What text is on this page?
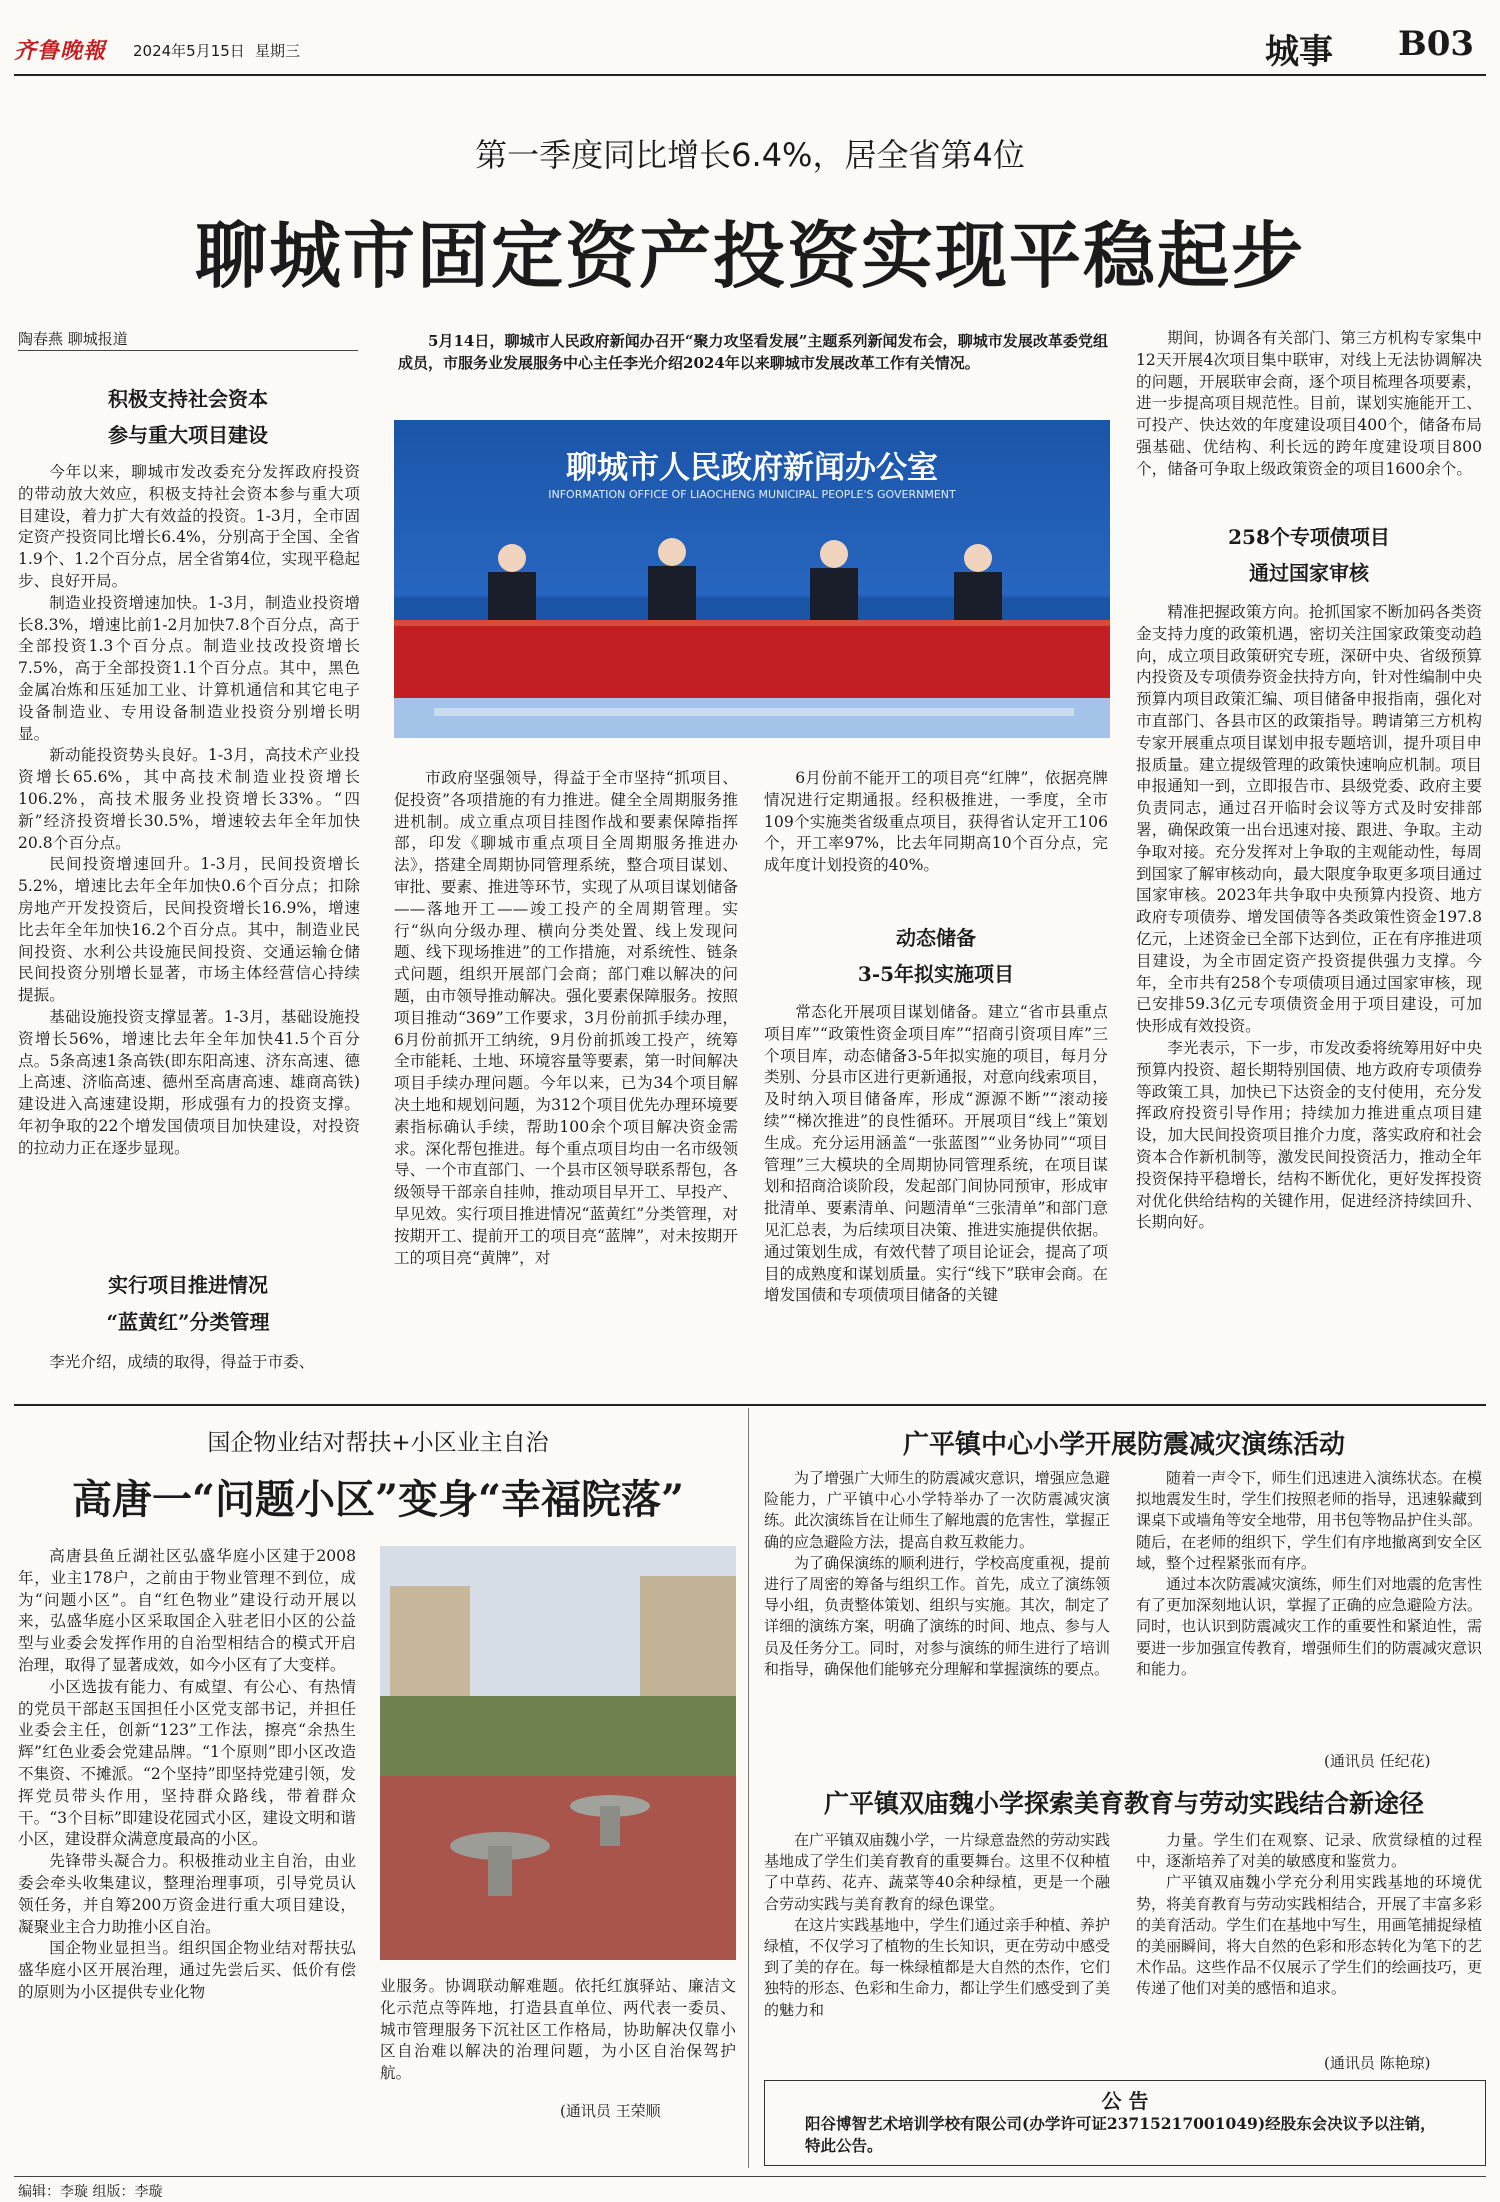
齐鲁晚報 2024年5月15日 星期三	城事 B03
第一季度同比增长6.4%，居全省第4位
聊城市固定资产投资实现平稳起步
陶春燕 聊城报道
积极支持社会资本
参与重大项目建设

今年以来，聊城市发改委充分发挥政府投资的带动放大效应，积极支持社会资本参与重大项目建设，着力扩大有效益的投资。1-3月，全市固定资产投资同比增长6.4%，分别高于全国、全省1.9个、1.2个百分点，居全省第4位，实现平稳起步、良好开局。

制造业投资增速加快。1-3月，制造业投资增长8.3%，增速比前1-2月加快7.8个百分点，高于全部投资1.3个百分点。制造业技改投资增长7.5%，高于全部投资1.1个百分点。其中，黑色金属冶炼和压延加工业、计算机通信和其它电子设备制造业、专用设备制造业投资分别增长明显。

新动能投资势头良好。1-3月，高技术产业投资增长65.6%，其中高技术制造业投资增长106.2%，高技术服务业投资增长33%。“四新”经济投资增长30.5%，增速较去年全年加快20.8个百分点。

民间投资增速回升。1-3月，民间投资增长5.2%，增速比去年全年加快0.6个百分点；扣除房地产开发投资后，民间投资增长16.9%，增速比去年全年加快16.2个百分点。其中，制造业民间投资、水利公共设施民间投资、交通运输仓储民间投资分别增长显著，市场主体经营信心持续提振。

基础设施投资支撑显著。1-3月，基础设施投资增长56%，增速比去年全年加快41.5个百分点。5条高速1条高铁(即东阳高速、济东高速、德上高速、济临高速、德州至高唐高速、雄商高铁)建设进入高速建设期，形成强有力的投资支撑。年初争取的22个增发国债项目加快建设，对投资的拉动力正在逐步显现。

实行项目推进情况
“蓝黄红”分类管理
李光介绍，成绩的取得，得益于市委、
5月14日，聊城市人民政府新闻办召开“聚力攻坚看发展”主题系列新闻发布会，聊城市发展改革委党组成员，市服务业发展服务中心主任李光介绍2024年以来聊城市发展改革工作有关情况。
聊城市人民政府新闻办公室
INFORMATION OFFICE OF LIAOCHENG MUNICIPAL PEOPLE'S GOVERNMENT
市政府坚强领导，得益于全市坚持“抓项目、促投资”各项措施的有力推进。健全全周期服务推进机制。成立重点项目挂图作战和要素保障指挥部，印发《聊城市重点项目全周期服务推进办法》，搭建全周期协同管理系统，整合项目谋划、审批、要素、推进等环节，实现了从项目谋划储备——落地开工——竣工投产的全周期管理。实行“纵向分级办理、横向分类处置、线上发现问题、线下现场推进”的工作措施，对系统性、链条式问题，组织开展部门会商；部门难以解决的问题，由市领导推动解决。强化要素保障服务。按照项目推动“369”工作要求，3月份前抓手续办理，6月份前抓开工纳统，9月份前抓竣工投产，统筹全市能耗、土地、环境容量等要素，第一时间解决项目手续办理问题。今年以来，已为34个项目解决土地和规划问题，为312个项目优先办理环境要素指标确认手续，帮助100余个项目解决资金需求。深化帮包推进。每个重点项目均由一名市级领导、一个市直部门、一个县市区领导联系帮包，各级领导干部亲自挂帅，推动项目早开工、早投产、早见效。实行项目推进情况“蓝黄红”分类管理，对按期开工、提前开工的项目亮“蓝牌”，对未按期开工的项目亮“黄牌”，对
6月份前不能开工的项目亮“红牌”，依据亮牌情况进行定期通报。经积极推进，一季度，全市109个实施类省级重点项目，获得省认定开工106个，开工率97%，比去年同期高10个百分点，完成年度计划投资的40%。
动态储备
3-5年拟实施项目
常态化开展项目谋划储备。建立“省市县重点项目库”“政策性资金项目库”“招商引资项目库”三个项目库，动态储备3-5年拟实施的项目，每月分类别、分县市区进行更新通报，对意向线索项目，及时纳入项目储备库，形成“源源不断”“滚动接续”“梯次推进”的良性循环。开展项目“线上”策划生成。充分运用涵盖“一张蓝图”“业务协同”“项目管理”三大模块的全周期协同管理系统，在项目谋划和招商洽谈阶段，发起部门间协同预审，形成审批清单、要素清单、问题清单“三张清单”和部门意见汇总表，为后续项目决策、推进实施提供依据。通过策划生成，有效代替了项目论证会，提高了项目的成熟度和谋划质量。实行“线下”联审会商。在增发国债和专项债项目储备的关键
期间，协调各有关部门、第三方机构专家集中12天开展4次项目集中联审，对线上无法协调解决的问题，开展联审会商，逐个项目梳理各项要素，进一步提高项目规范性。目前，谋划实施能开工、可投产、快达效的年度建设项目400个，储备布局强基础、优结构、利长远的跨年度建设项目800个，储备可争取上级政策资金的项目1600余个。
258个专项债项目
通过国家审核

精准把握政策方向。抢抓国家不断加码各类资金支持力度的政策机遇，密切关注国家政策变动趋向，成立项目政策研究专班，深研中央、省级预算内投资及专项债券资金扶持方向，针对性编制中央预算内项目政策汇编、项目储备申报指南，强化对市直部门、各县市区的政策指导。聘请第三方机构专家开展重点项目谋划申报专题培训，提升项目申报质量。建立提级管理的政策快速响应机制。项目申报通知一到，立即报告市、县级党委、政府主要负责同志，通过召开临时会议等方式及时安排部署，确保政策一出台迅速对接、跟进、争取。主动争取对接。充分发挥对上争取的主观能动性，每周到国家了解审核动向，最大限度争取更多项目通过国家审核。2023年共争取中央预算内投资、地方政府专项债券、增发国债等各类政策性资金197.8亿元，上述资金已全部下达到位，正在有序推进项目建设，为全市固定资产投资提供强力支撑。今年，全市共有258个专项债项目通过国家审核，现已安排59.3亿元专项债资金用于项目建设，可加快形成有效投资。

李光表示，下一步，市发改委将统筹用好中央预算内投资、超长期特别国债、地方政府专项债券等政策工具，加快已下达资金的支付使用，充分发挥政府投资引导作用；持续加力推进重点项目建设，加大民间投资项目推介力度，落实政府和社会资本合作新机制等，激发民间投资活力，推动全年投资保持平稳增长，结构不断优化，更好发挥投资对优化供给结构的关键作用，促进经济持续回升、长期向好。

国企物业结对帮扶+小区业主自治
高唐一“问题小区”变身“幸福院落”

高唐县鱼丘湖社区弘盛华庭小区建于2008年，业主178户，之前由于物业管理不到位，成为“问题小区”。自“红色物业”建设行动开展以来，弘盛华庭小区采取国企入驻老旧小区的公益型与业委会发挥作用的自治型相结合的模式开启治理，取得了显著成效，如今小区有了大变样。

小区选拔有能力、有威望、有公心、有热情的党员干部赵玉国担任小区党支部书记，并担任业委会主任，创新“123”工作法，擦亮“余热生辉”红色业委会党建品牌。“1个原则”即小区改造不集资、不摊派。“2个坚持”即坚持党建引领，发挥党员带头作用，坚持群众路线，带着群众干。“3个目标”即建设花园式小区，建设文明和谐小区，建设群众满意度最高的小区。

先锋带头凝合力。积极推动业主自治，由业委会牵头收集建议，整理治理事项，引导党员认领任务，并自筹200万资金进行重大项目建设，凝聚业主合力助推小区自治。

国企物业显担当。组织国企物业结对帮扶弘盛华庭小区开展治理，通过先尝后买、低价有偿的原则为小区提供专业化物	业服务。协调联动解难题。依托红旗驿站、廉洁文化示范点等阵地，打造县直单位、两代表一委员、城市管理服务下沉社区工作格局，协助解决仅靠小区自治难以解决的治理问题，为小区自治保驾护航。
(通讯员 王荣顺
广平镇中心小学开展防震减灾演练活动

为了增强广大师生的防震减灾意识，增强应急避险能力，广平镇中心小学特举办了一次防震减灾演练。此次演练旨在让师生了解地震的危害性，掌握正确的应急避险方法，提高自救互救能力。

为了确保演练的顺利进行，学校高度重视，提前进行了周密的筹备与组织工作。首先，成立了演练领导小组，负责整体策划、组织与实施。其次，制定了详细的演练方案，明确了演练的时间、地点、参与人员及任务分工。同时，对参与演练的师生进行了培训和指导，确保他们能够充分理解和掌握演练的要点。

随着一声令下，师生们迅速进入演练状态。在模拟地震发生时，学生们按照老师的指导，迅速躲藏到课桌下或墙角等安全地带，用书包等物品护住头部。随后，在老师的组织下，学生们有序地撤离到安全区域，整个过程紧张而有序。

通过本次防震减灾演练，师生们对地震的危害性有了更加深刻地认识，掌握了正确的应急避险方法。同时，也认识到防震减灾工作的重要性和紧迫性，需要进一步加强宣传教育，增强师生们的防震减灾意识和能力。

(通讯员 任纪花)
广平镇双庙魏小学探索美育教育与劳动实践结合新途径

在广平镇双庙魏小学，一片绿意盎然的劳动实践基地成了学生们美育教育的重要舞台。这里不仅种植了中草药、花卉、蔬菜等40余种绿植，更是一个融合劳动实践与美育教育的绿色课堂。

在这片实践基地中，学生们通过亲手种植、养护绿植，不仅学习了植物的生长知识，更在劳动中感受到了美的存在。每一株绿植都是大自然的杰作，它们独特的形态、色彩和生命力，都让学生们感受到了美的魅力和

力量。学生们在观察、记录、欣赏绿植的过程中，逐渐培养了对美的敏感度和鉴赏力。

广平镇双庙魏小学充分利用实践基地的环境优势，将美育教育与劳动实践相结合，开展了丰富多彩的美育活动。学生们在基地中写生，用画笔捕捉绿植的美丽瞬间，将大自然的色彩和形态转化为笔下的艺术作品。这些作品不仅展示了学生们的绘画技巧，更传递了他们对美的感悟和追求。

(通讯员 陈艳琼)
公 告
阳谷博智艺术培训学校有限公司(办学许可证23715217001049)经股东会决议予以注销，特此公告。
编辑：李璇 组版：李璇
